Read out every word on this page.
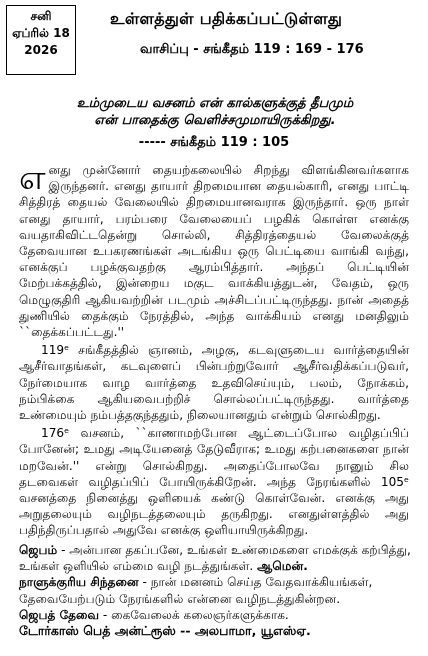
சனி
ஏப்ரில் 18
2026
உள்ளத்துள் பதிக்கப்பட்டுள்ளது
வாசிப்பு - சங்கீதம் 119 : 169 - 176
உம்முடைய வசனம் என் கால்களுக்குத் தீபமும்
என் பாதைக்கு வெளிச்சமுமாயிருக்கிறது.
----- சங்கீதம் 119 : 105

எனது முன்னோர் தையற்கலையில் சிறந்து விளங்கினவர்களாக இருந்தனர். எனது தாயார் திறமையான தையல்காரி, எனது பாட்டி சித்திரத் தையல் வேலையில் திறமையானவராக இருந்தார். ஒரு நாள் எனது தாயார், பரம்பரை வேலையைப் பழகிக் கொள்ள எனக்கு வயதாகிவிட்டதென்று சொல்லி, சித்திரத்தையல் வேலைக்குத் தேவையான உபகரணங்கள் அடங்கிய ஒரு பெட்டியை வாங்கி வந்து, எனக்குப் பழக்குவதற்கு ஆரம்பித்தார். அந்தப் பெட்டியின் மேற்பக்கத்தில், இன்றைய மகுட வாக்கியத்துடன், வேதம், ஒரு மெழுகுதிரி ஆகியவற்றின் படமும் அச்சிடப்பட்டிருந்தது. நான் அதைத் துணியில் தைக்கும் நேரத்தில், அந்த வாக்கியம் எனது மனதிலும் ``தைக்கப்பட்டது.''

119ᵉ சங்கீதத்தில் ஞானம், அழகு, கடவுளுடைய வார்த்தையின் ஆசீர்வாதங்கள், கடவுளைப் பின்பற்றுவோர் ஆசீர்வதிக்கப்படுவர், நேர்மையாக வாழ வார்த்தை உதவிசெய்யும், பலம், நோக்கம், நம்பிக்கை ஆகியவைபற்றிச் சொல்லப்பட்டிருந்தது. வார்த்தை உண்மையும் நம்பத்தகுந்ததும், நிலையானதும் என்றும் சொல்கிறது.

176ᵉ வசனம், ``காணாமற்போன ஆட்டைப்போல வழிதப்பிப் போனேன்; உமது அடியேனைத் தேடுவீராக; உமது கற்பனைகளை நான் மறவேன்.'' என்று சொல்கிறது. அதைப்போலவே நானும் சில தடவைகள் வழிதப்பிப் போயிருக்கிறேன். அந்த நேரங்களில் 105ᵉ வசனத்தை நினைத்து ஒளியைக் கண்டு கொள்வேன். எனக்கு அது அறுதலையும் வழிநடத்தலையும் தருகிறது. எனதுள்ளத்தில் அது பதிந்திருப்பதால் அதுவே எனக்கு ஒளியாயிருக்கிறது.

ஜெபம் - அன்பான தகப்பனே, உங்கள் உண்மைகளை எமக்குக் கற்பித்து, உங்கள் ஒளியில் எம்மை வழி நடத்துங்கள். ஆமென்.
நாளுக்குரிய சிந்தனை - நான் மனனம் செய்த வேதவாக்கியங்கள், தேவையேற்படும் நேரங்களில் என்னை வழிநடத்துகின்றன.
ஜெபத் தேவை - கைவேலைக் கலைஞர்களுக்காக.
டோர்காஸ் பெத் அன்ட்ரூஸ் -- அலபாமா, யூஎஸ்ஏ.
